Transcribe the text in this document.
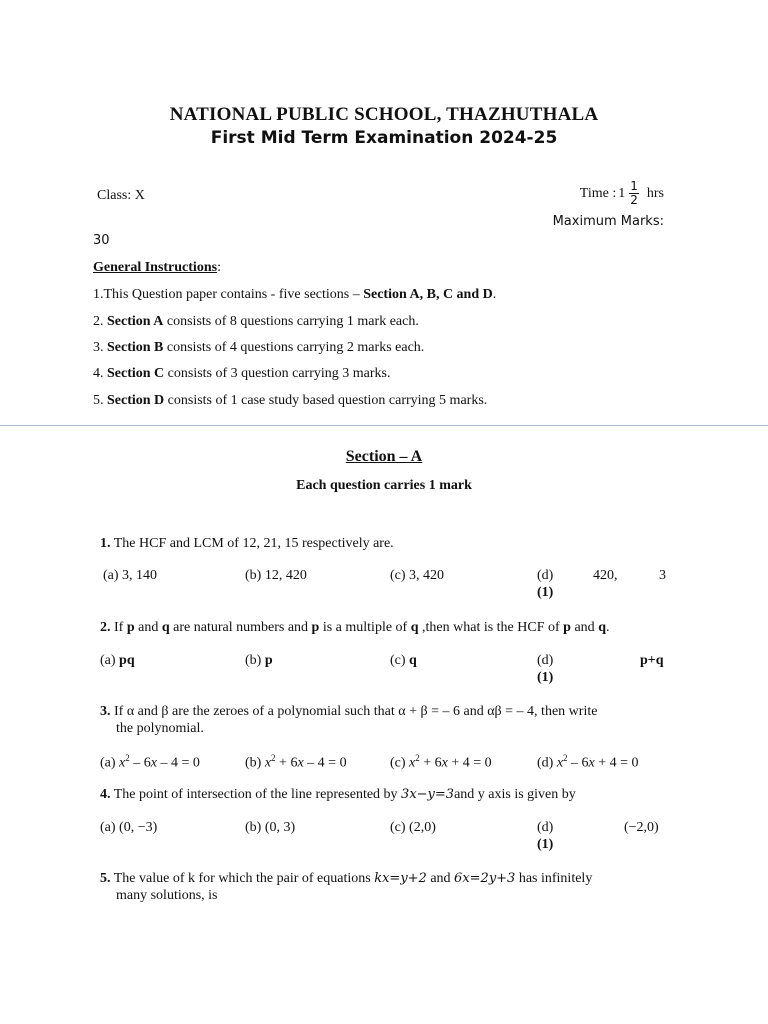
NATIONAL PUBLIC SCHOOL, THAZHUTHALA
First Mid Term Examination 2024-25
Class: X	Time : $1 \frac{1}{2}$ hrs
Maximum Marks:
30
General Instructions:
1.This Question paper contains - five sections – Section A, B, C and D.
2. Section A consists of 8 questions carrying 1 mark each.
3. Section B consists of 4 questions carrying 2 marks each.
4. Section C consists of 3 question carrying 3 marks.
5. Section D consists of 1 case study based question carrying 5 marks.
Section – A
Each question carries 1 mark
1. The HCF and LCM of 12, 21, 15 respectively are.
(a) 3, 140	(b) 12, 420	(c) 3, 420	(d)	420,	3
(1)
2. If p and q are natural numbers and p is a multiple of q ,then what is the HCF of p and q.
(a) pq	(b) p	(c) q	(d)	p+q
(1)
3. If α and β are the zeroes of a polynomial such that α + β = – 6 and αβ = – 4, then write
the polynomial.
(a) $x^2 - 6x - 4 = 0$	(b) $x^2 + 6x - 4 = 0$	(c) $x^2 + 6x + 4 = 0$	(d) $x^2 - 6x + 4 = 0$
4. The point of intersection of the line represented by 3x−y=3and y axis is given by
(a) (0, −3)	(b) (0, 3)	(c) (2,0)	(d)	(−2,0)
(1)
5. The value of k for which the pair of equations kx=y+2 and 6x=2y+3 has infinitely
many solutions, is
